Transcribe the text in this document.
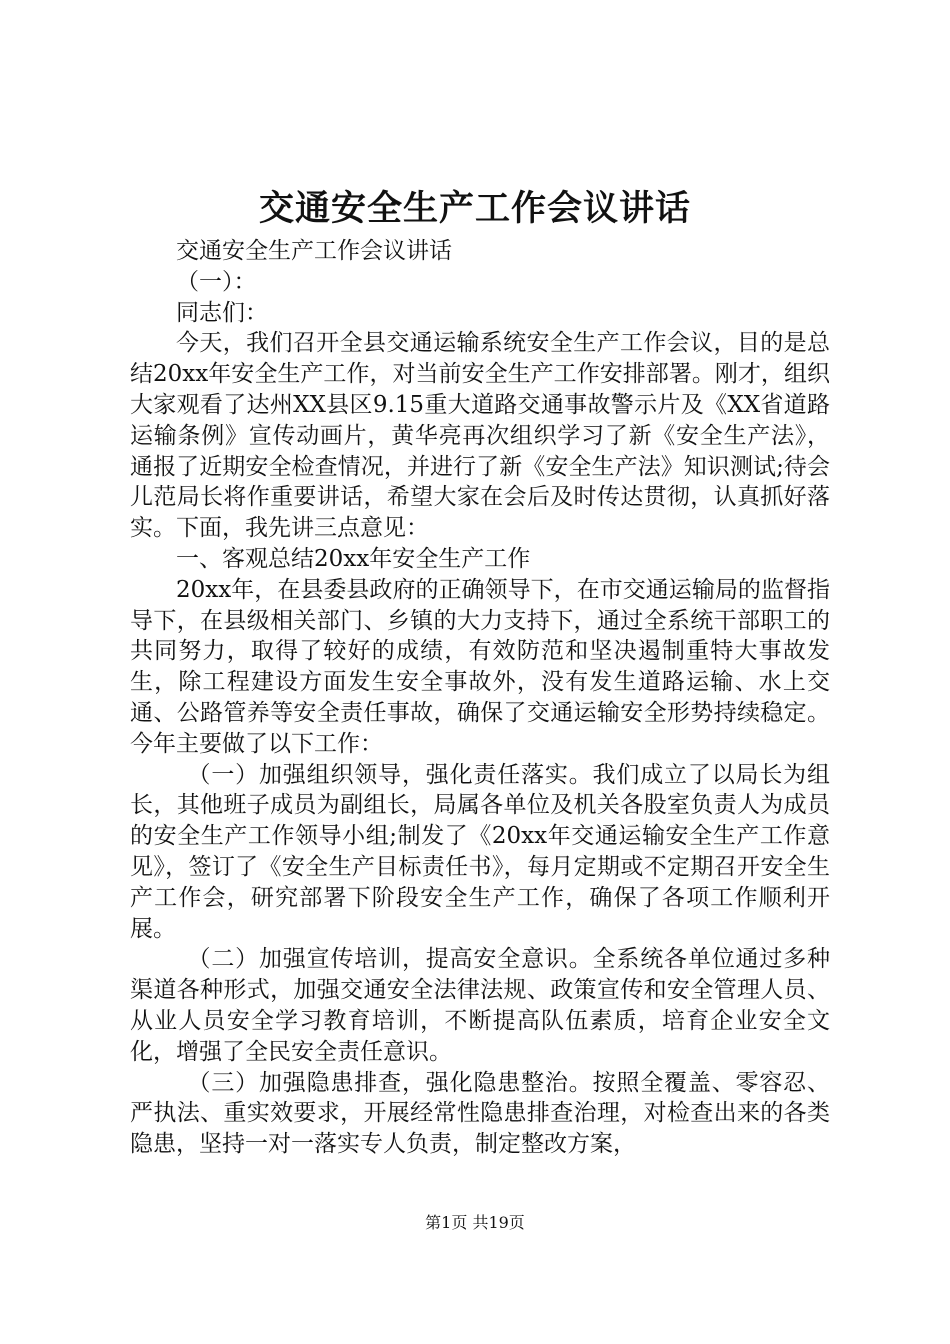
交通安全生产工作会议讲话

交通安全生产工作会议讲话

（一）：

同志们：

今天，我们召开全县交通运输系统安全生产工作会议，目的是总结20xx年安全生产工作，对当前安全生产工作安排部署。刚才，组织大家观看了达州XX县区9.15重大道路交通事故警示片及《XX省道路运输条例》宣传动画片，黄华亮再次组织学习了新《安全生产法》，通报了近期安全检查情况，并进行了新《安全生产法》知识测试;待会儿范局长将作重要讲话，希望大家在会后及时传达贯彻，认真抓好落实。下面，我先讲三点意见：

一、客观总结20xx年安全生产工作

20xx年，在县委县政府的正确领导下，在市交通运输局的监督指导下，在县级相关部门、乡镇的大力支持下，通过全系统干部职工的共同努力，取得了较好的成绩，有效防范和坚决遏制重特大事故发生，除工程建设方面发生安全事故外，没有发生道路运输、水上交通、公路管养等安全责任事故，确保了交通运输安全形势持续稳定。今年主要做了以下工作：

（一）加强组织领导，强化责任落实。我们成立了以局长为组长，其他班子成员为副组长，局属各单位及机关各股室负责人为成员的安全生产工作领导小组;制发了《20xx年交通运输安全生产工作意见》，签订了《安全生产目标责任书》，每月定期或不定期召开安全生产工作会，研究部署下阶段安全生产工作，确保了各项工作顺利开展。

（二）加强宣传培训，提高安全意识。全系统各单位通过多种渠道各种形式，加强交通安全法律法规、政策宣传和安全管理人员、从业人员安全学习教育培训，不断提高队伍素质，培育企业安全文化，增强了全民安全责任意识。

（三）加强隐患排查，强化隐患整治。按照全覆盖、零容忍、严执法、重实效要求，开展经常性隐患排查治理，对检查出来的各类隐患，坚持一对一落实专人负责，制定整改方案，

第1页 共19页
